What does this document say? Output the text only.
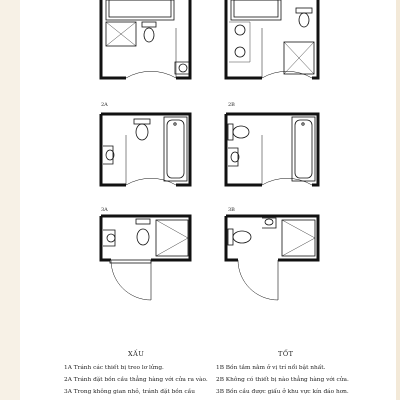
2A	2B
3A	3B
XẤU	TỐT
1A Tránh các thiết bị treo lơ lửng.
2A Tránh đặt bồn cầu thẳng hàng với cửa ra vào.
3A Trong không gian nhỏ, tránh đặt bồn cầu
1B Bồn tắm nằm ở vị trí nổi bật nhất.
2B Không có thiết bị nào thẳng hàng với cửa.
3B Bồn cầu được giấu ở khu vực kín đáo hơn.
